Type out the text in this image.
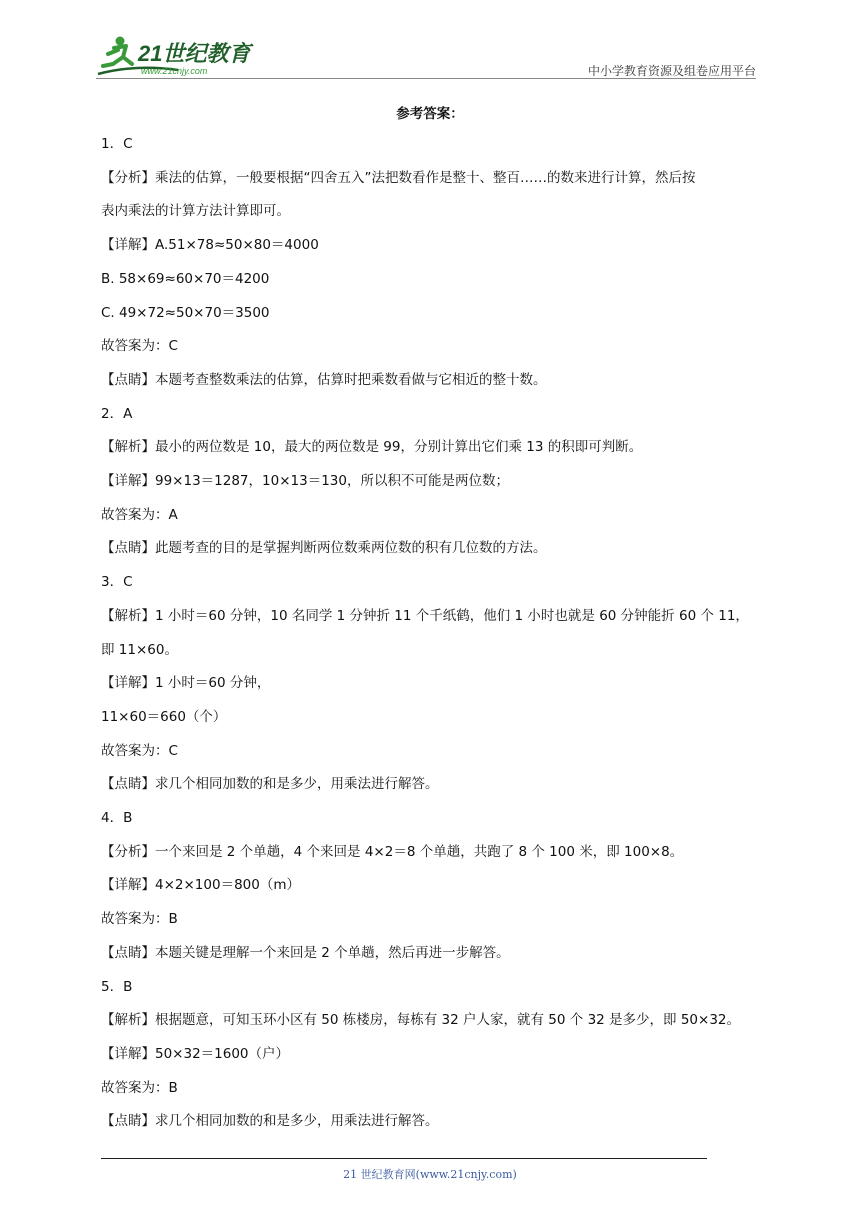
21世纪教育
www.21cnjy.com	中小学教育资源及组卷应用平台
参考答案：

1．C

【分析】乘法的估算，一般要根据“四舍五入”法把数看作是整十、整百……的数来进行计算，然后按

表内乘法的计算方法计算即可。

【详解】A.51×78≈50×80＝4000

B. 58×69≈60×70＝4200

C. 49×72≈50×70＝3500

故答案为：C

【点睛】本题考查整数乘法的估算，估算时把乘数看做与它相近的整十数。

2．A

【解析】最小的两位数是 10，最大的两位数是 99，分别计算出它们乘 13 的积即可判断。

【详解】99×13＝1287，10×13＝130，所以积不可能是两位数；

故答案为：A

【点睛】此题考查的目的是掌握判断两位数乘两位数的积有几位数的方法。

3．C

【解析】1 小时＝60 分钟，10 名同学 1 分钟折 11 个千纸鹤，他们 1 小时也就是 60 分钟能折 60 个 11，

即 11×60。

【详解】1 小时＝60 分钟，

11×60＝660（个）

故答案为：C

【点睛】求几个相同加数的和是多少，用乘法进行解答。

4．B

【分析】一个来回是 2 个单趟，4 个来回是 4×2＝8 个单趟，共跑了 8 个 100 米，即 100×8。

【详解】4×2×100＝800（m）

故答案为：B

【点睛】本题关键是理解一个来回是 2 个单趟，然后再进一步解答。

5．B

【解析】根据题意，可知玉环小区有 50 栋楼房，每栋有 32 户人家，就有 50 个 32 是多少，即 50×32。

【详解】50×32＝1600（户）

故答案为：B

【点睛】求几个相同加数的和是多少，用乘法进行解答。

21 世纪教育网(www.21cnjy.com)
